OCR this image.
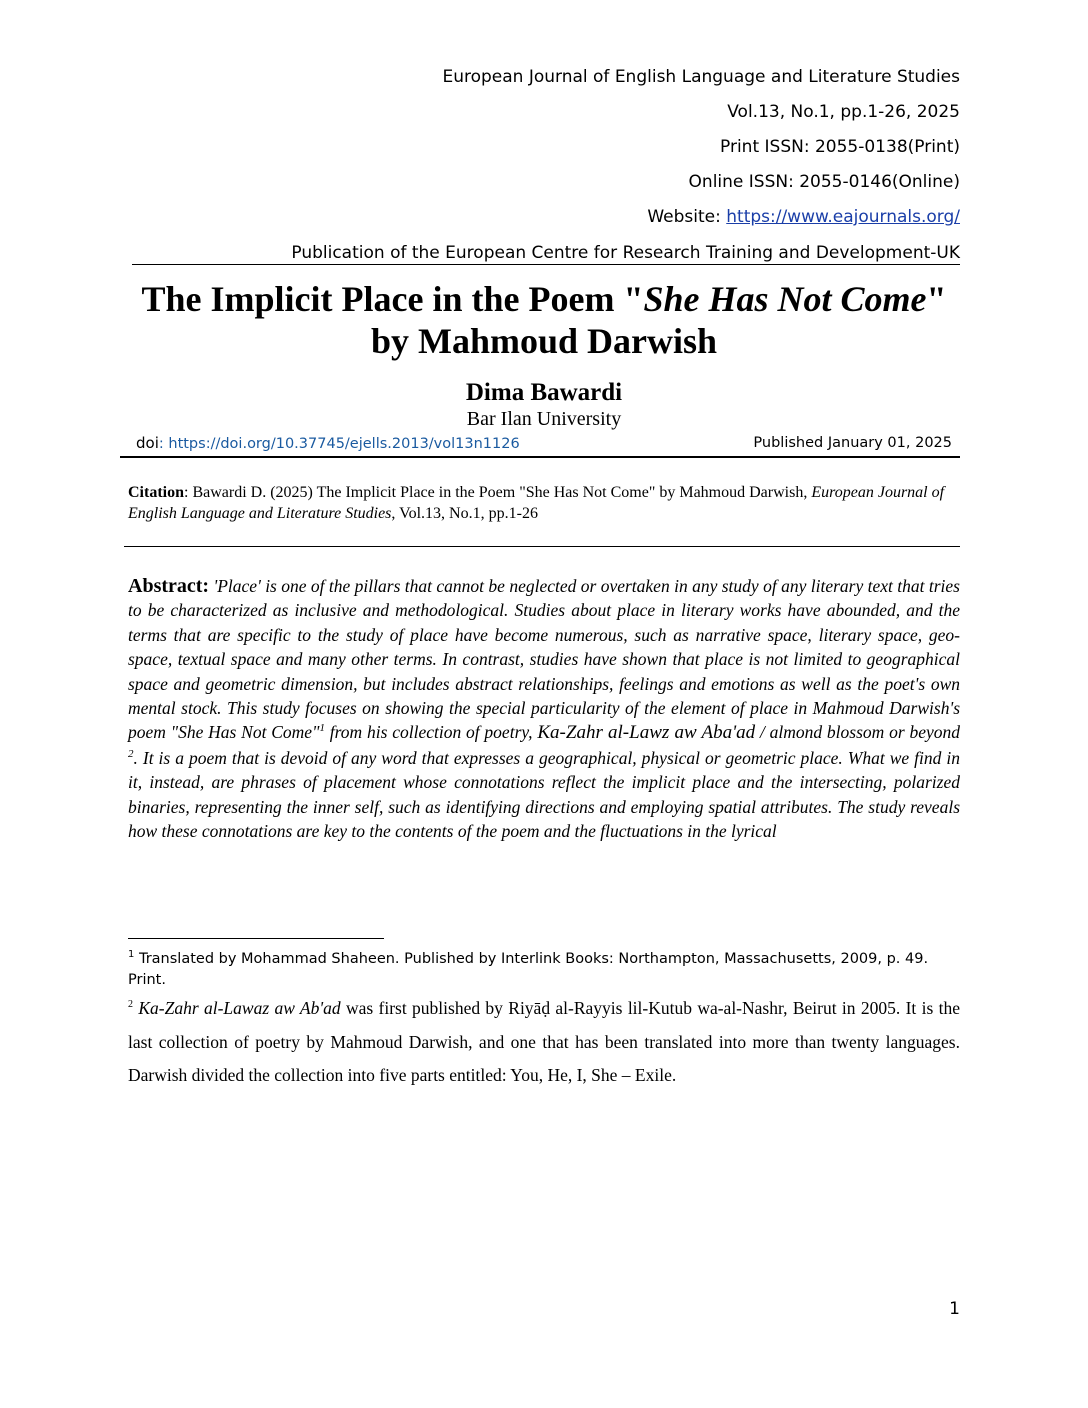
European Journal of English Language and Literature Studies
Vol.13, No.1, pp.1-26, 2025
Print ISSN: 2055-0138(Print)
Online ISSN: 2055-0146(Online)
Website: https://www.eajournals.org/
Publication of the European Centre for Research Training and Development-UK
The Implicit Place in the Poem "She Has Not Come"
by Mahmoud Darwish
Dima Bawardi
Bar Ilan University
doi: https://doi.org/10.37745/ejells.2013/vol13n1126	Published January 01, 2025
Citation: Bawardi D. (2025) The Implicit Place in the Poem "She Has Not Come" by Mahmoud Darwish, European Journal of English Language and Literature Studies, Vol.13, No.1, pp.1-26
Abstract: 'Place' is one of the pillars that cannot be neglected or overtaken in any study of any literary text that tries to be characterized as inclusive and methodological. Studies about place in literary works have abounded, and the terms that are specific to the study of place have become numerous, such as narrative space, literary space, geo-space, textual space and many other terms. In contrast, studies have shown that place is not limited to geographical space and geometric dimension, but includes abstract relationships, feelings and emotions as well as the poet's own mental stock. This study focuses on showing the special particularity of the element of place in Mahmoud Darwish's poem "She Has Not Come"$^1$ from his collection of poetry, Ka-Zahr al-Lawz aw Aba'ad / almond blossom or beyond $^2$. It is a poem that is devoid of any word that expresses a geographical, physical or geometric place. What we find in it, instead, are phrases of placement whose connotations reflect the implicit place and the intersecting, polarized binaries, representing the inner self, such as identifying directions and employing spatial attributes. The study reveals how these connotations are key to the contents of the poem and the fluctuations in the lyrical
$^1$ Translated by Mohammad Shaheen. Published by Interlink Books: Northampton, Massachusetts, 2009, p. 49. Print.
$^2$ Ka-Zahr al-Lawaz aw Ab'ad was first published by Riyāḍ al-Rayyis lil-Kutub wa-al-Nashr, Beirut in 2005. It is the last collection of poetry by Mahmoud Darwish, and one that has been translated into more than twenty languages. Darwish divided the collection into five parts entitled: You, He, I, She – Exile.
1
